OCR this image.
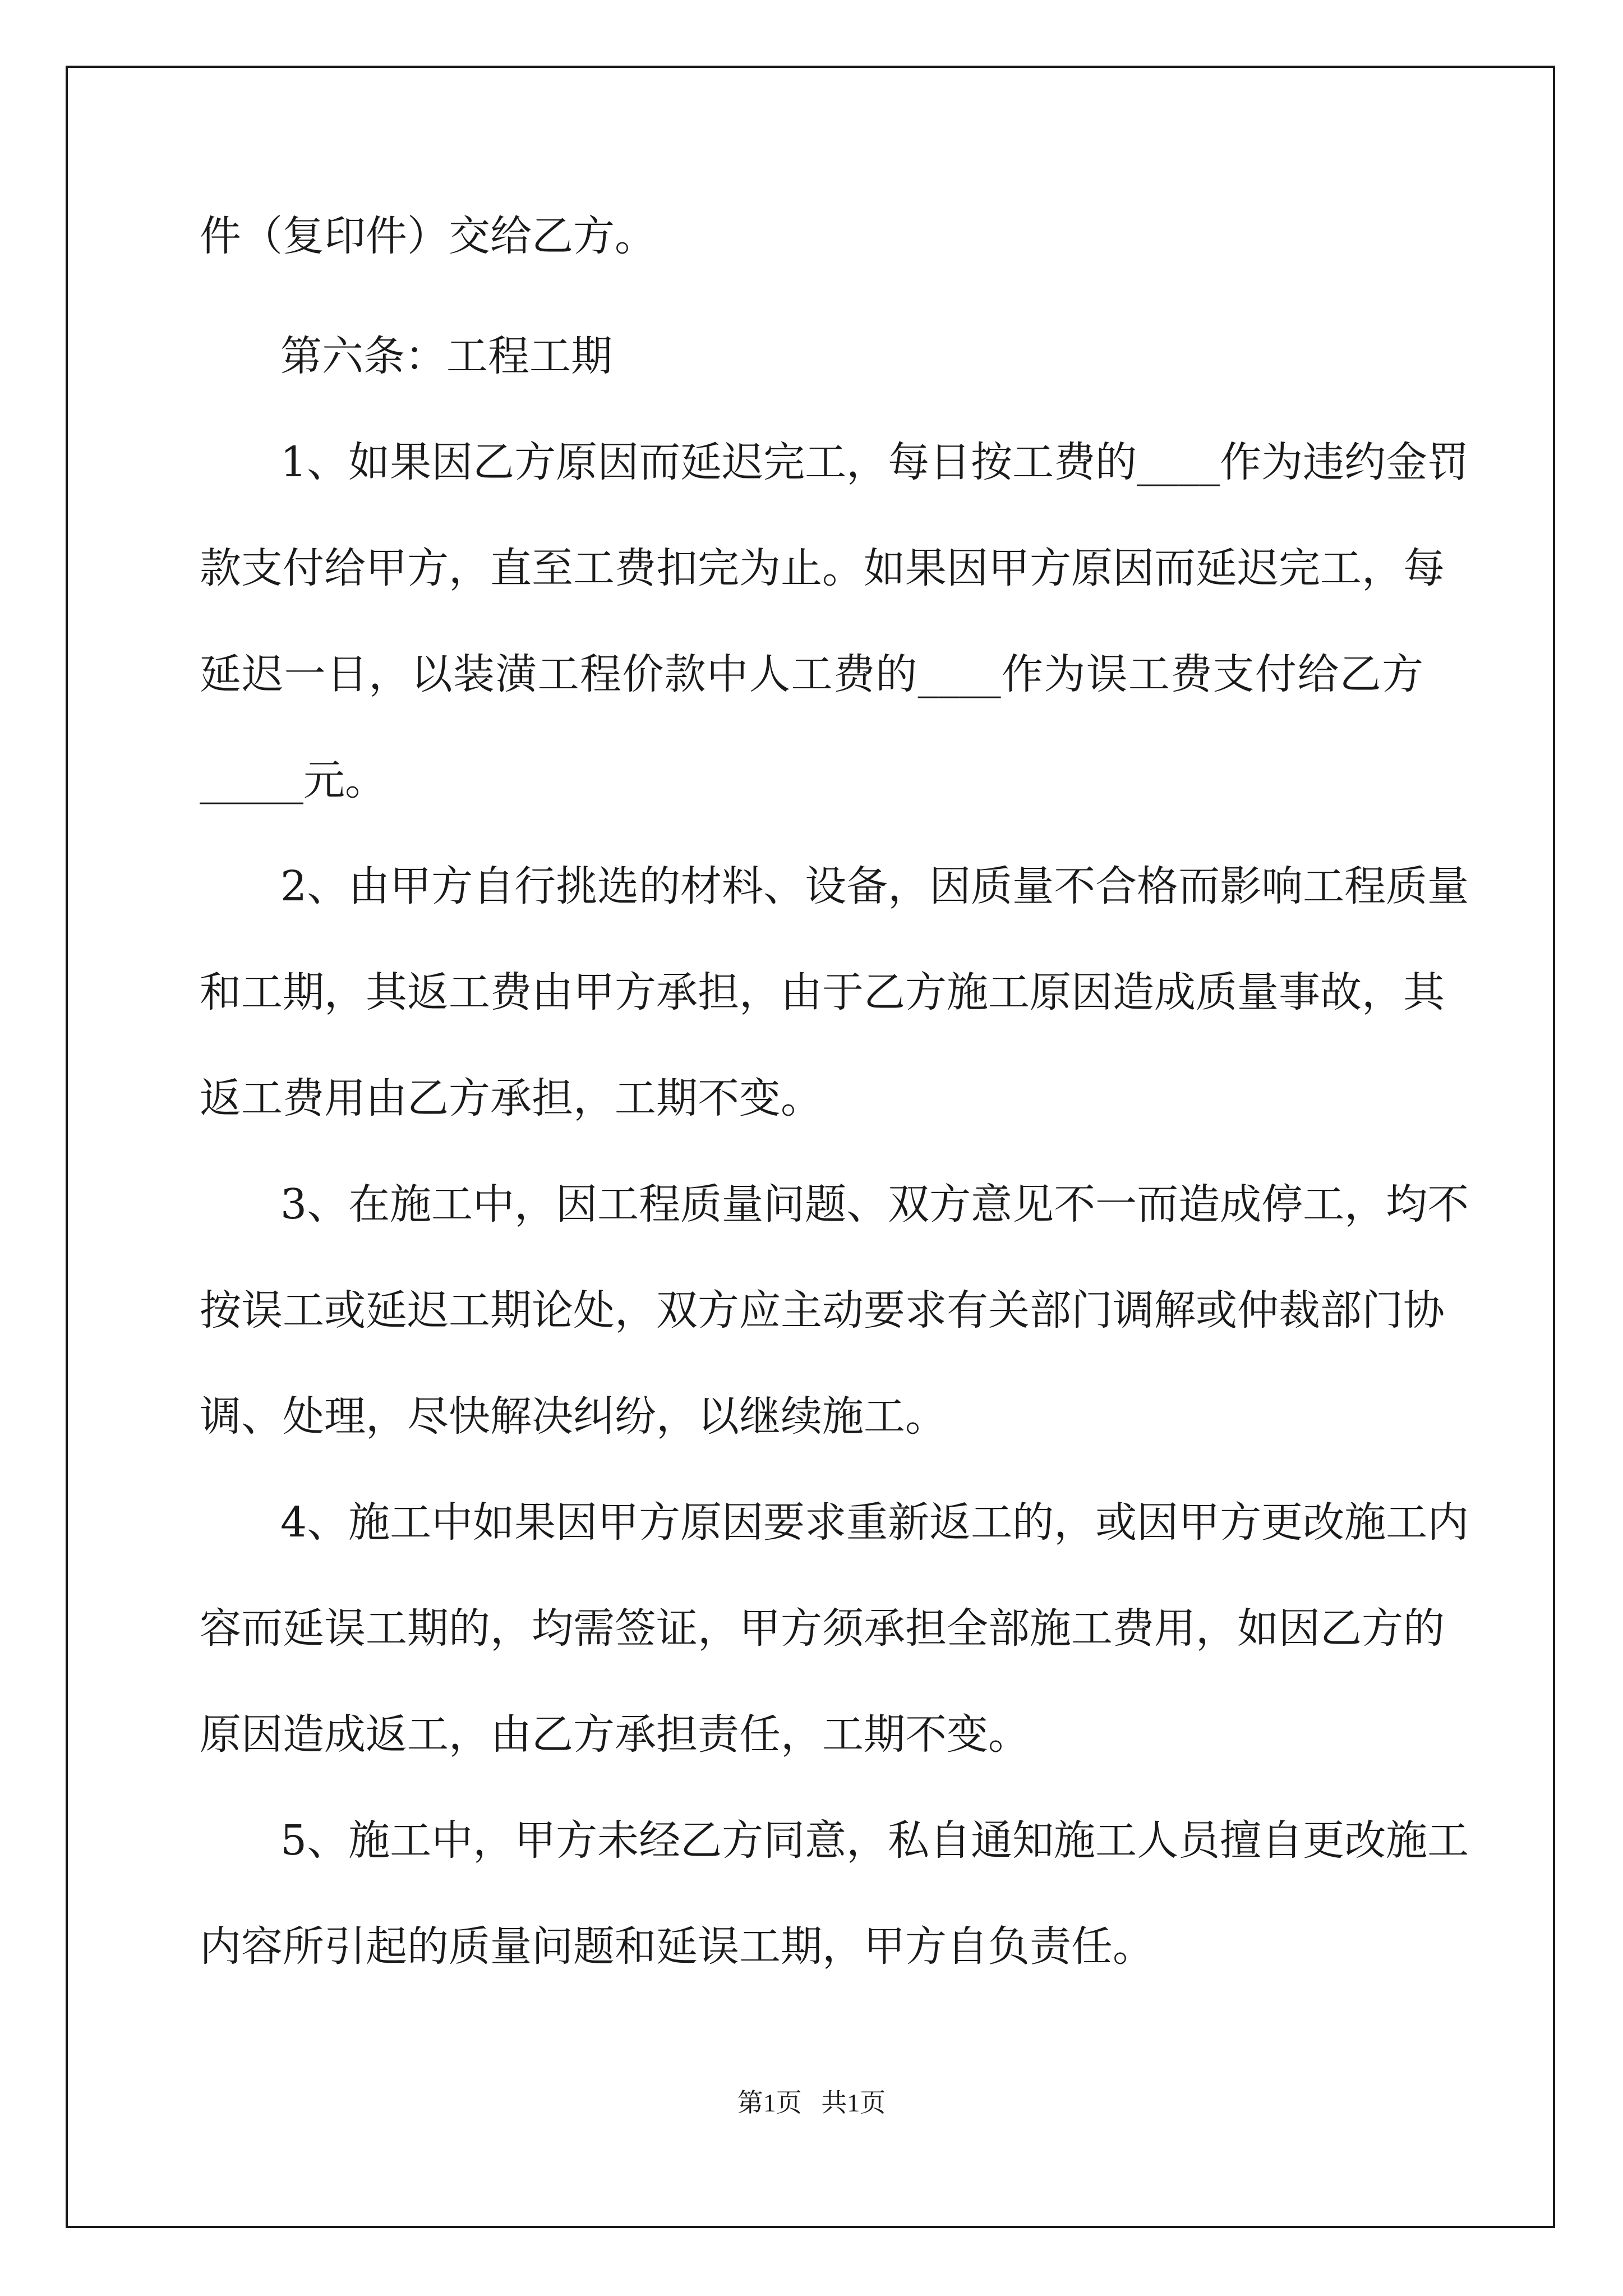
件（复印件）交给乙方。

第六条：工程工期

1、如果因乙方原因而延迟完工，每日按工费的____作为违约金罚

款支付给甲方，直至工费扣完为止。如果因甲方原因而延迟完工，每

延迟一日，以装潢工程价款中人工费的____作为误工费支付给乙方

_____元。

2、由甲方自行挑选的材料、设备，因质量不合格而影响工程质量

和工期，其返工费由甲方承担，由于乙方施工原因造成质量事故，其

返工费用由乙方承担，工期不变。

3、在施工中，因工程质量问题、双方意见不一而造成停工，均不

按误工或延迟工期论处，双方应主动要求有关部门调解或仲裁部门协

调、处理，尽快解决纠纷，以继续施工。

4、施工中如果因甲方原因要求重新返工的，或因甲方更改施工内

容而延误工期的，均需签证，甲方须承担全部施工费用，如因乙方的

原因造成返工，由乙方承担责任，工期不变。

5、施工中，甲方未经乙方同意，私自通知施工人员擅自更改施工

内容所引起的质量问题和延误工期，甲方自负责任。

第1页   共1页
